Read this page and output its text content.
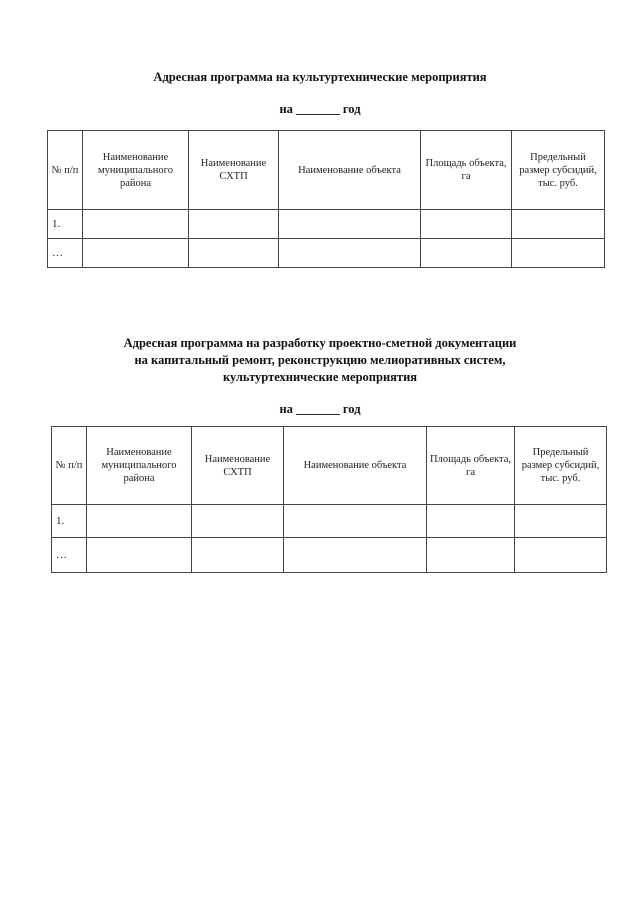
Адресная программа на культуртехнические мероприятия

на _______ год

№ п/п	Наименование муниципального района	Наименование СХТП	Наименование объекта	Площадь объекта, га	Предельный размер субсидий, тыс. руб.
1.					
…					

Адресная программа на разработку проектно-сметной документации

на капитальный ремонт, реконструкцию мелиоративных систем,

культуртехнические мероприятия

на _______ год

№ п/п	Наименование муниципального района	Наименование СХТП	Наименование объекта	Площадь объекта, га	Предельный размер субсидий, тыс. руб.
1.					
…					
